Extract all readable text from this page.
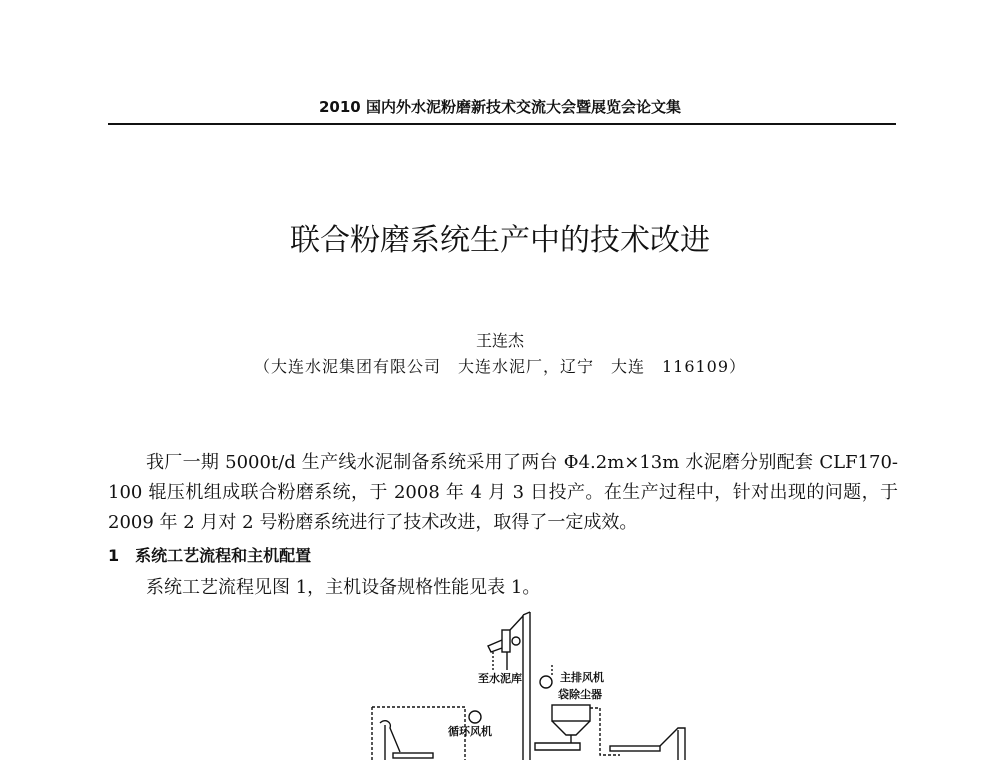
2010 国内外水泥粉磨新技术交流大会暨展览会论文集
联合粉磨系统生产中的技术改进
王连杰
（大连水泥集团有限公司　大连水泥厂，辽宁　大连　116109）
我厂一期 5000t/d 生产线水泥制备系统采用了两台 Φ4.2m×13m 水泥磨分别配套 CLF170-100 辊压机组成联合粉磨系统，于 2008 年 4 月 3 日投产。在生产过程中，针对出现的问题，于 2009 年 2 月对 2 号粉磨系统进行了技术改进，取得了一定成效。
1　系统工艺流程和主机配置
系统工艺流程见图 1，主机设备规格性能见表 1。
至水泥库	主排风机
袋除尘器
循环风机
